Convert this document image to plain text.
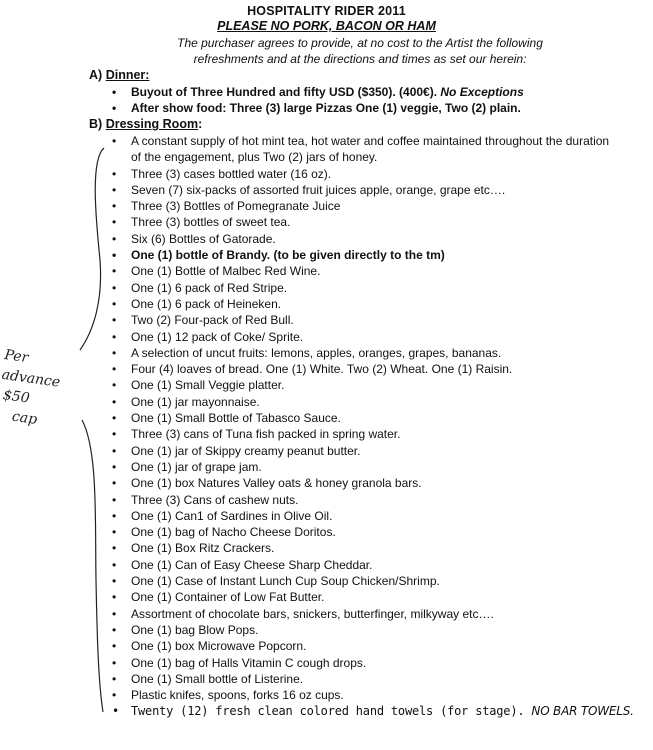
HOSPITALITY RIDER 2011
PLEASE NO PORK, BACON OR HAM
The purchaser agrees to provide, at no cost to the Artist the following
refreshments and at the directions and times as set our herein:
A) Dinner:
• Buyout of Three Hundred and fifty USD ($350). (400€). No Exceptions
• After show food: Three (3) large Pizzas One (1) veggie, Two (2) plain.
B) Dressing Room:
• A constant supply of hot mint tea, hot water and coffee maintained throughout the duration of the engagement, plus Two (2) jars of honey.
• Three (3) cases bottled water (16 oz).
• Seven (7) six-packs of assorted fruit juices apple, orange, grape etc….
• Three (3) Bottles of Pomegranate Juice
• Three (3) bottles of sweet tea.
• Six (6) Bottles of Gatorade.
• One (1) bottle of Brandy. (to be given directly to the tm)
• One (1) Bottle of Malbec Red Wine.
• One (1) 6 pack of Red Stripe.
• One (1) 6 pack of Heineken.
• Two (2) Four-pack of Red Bull.
• One (1) 12 pack of Coke/ Sprite.
• A selection of uncut fruits: lemons, apples, oranges, grapes, bananas.
• Four (4) loaves of bread. One (1) White. Two (2) Wheat. One (1) Raisin.
• One (1) Small Veggie platter.
• One (1) jar mayonnaise.
• One (1) Small Bottle of Tabasco Sauce.
• Three (3) cans of Tuna fish packed in spring water.
• One (1) jar of Skippy creamy peanut butter.
• One (1) jar of grape jam.
• One (1) box Natures Valley oats & honey granola bars.
• Three (3) Cans of cashew nuts.
• One (1) Can1 of Sardines in Olive Oil.
• One (1) bag of Nacho Cheese Doritos.
• One (1) Box Ritz Crackers.
• One (1) Can of Easy Cheese Sharp Cheddar.
• One (1) Case of Instant Lunch Cup Soup Chicken/Shrimp.
• One (1) Container of Low Fat Butter.
• Assortment of chocolate bars, snickers, butterfinger, milkyway etc….
• One (1) bag Blow Pops.
• One (1) box Microwave Popcorn.
• One (1) bag of Halls Vitamin C cough drops.
• One (1) Small bottle of Listerine.
• Plastic knifes, spoons, forks 16 oz cups.
• Twenty (12) fresh clean colored hand towels (for stage). NO BAR TOWELS.
Per
advance
$50
cap
